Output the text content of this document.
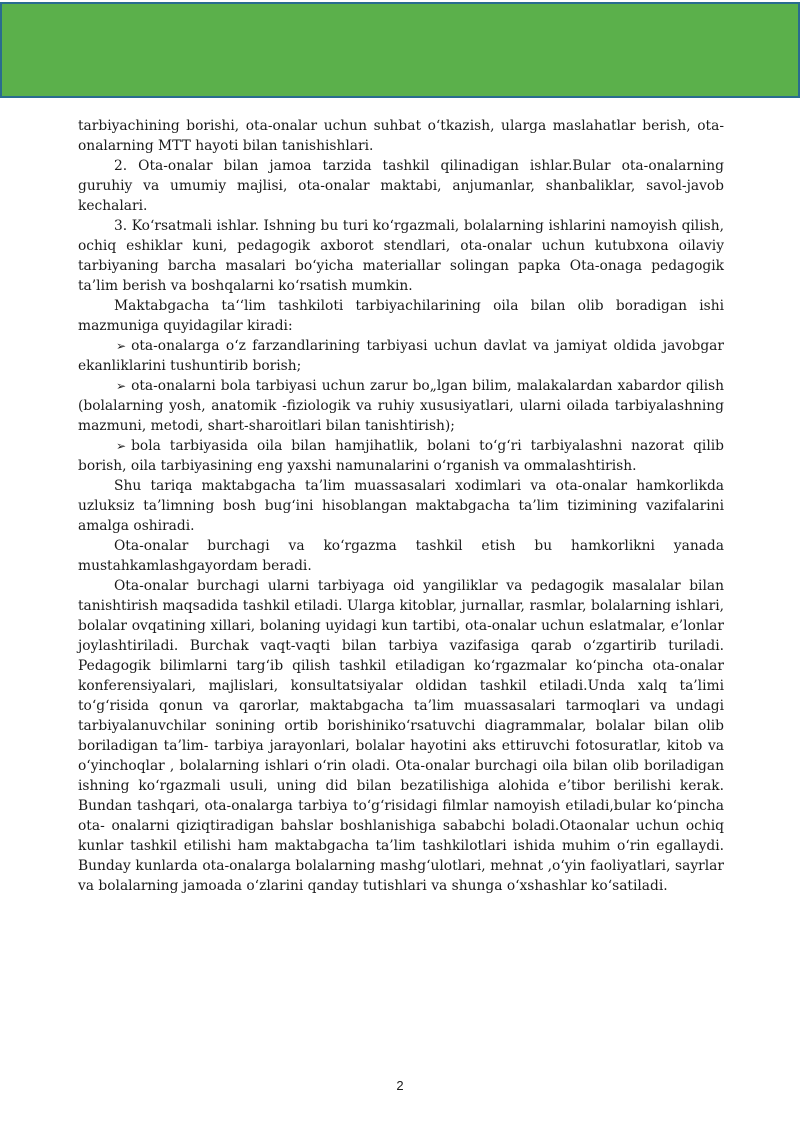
tarbiyachining borishi, ota-onalar uchun suhbat o‘tkazish, ularga maslahatlar berish, ota-onalarning MTT hayoti bilan tanishishlari.

2. Ota-onalar bilan jamoa tarzida tashkil qilinadigan ishlar.Bular ota-onalarning guruhiy va umumiy majlisi, ota-onalar maktabi, anjumanlar, shanbaliklar, savol-javob kechalari.

3. Ko‘rsatmali ishlar. Ishning bu turi ko‘rgazmali, bolalarning ishlarini namoyish qilish, ochiq eshiklar kuni, pedagogik axborot stendlari, ota-onalar uchun kutubxona oilaviy tarbiyaning barcha masalari bo‘yicha materiallar solingan papka Ota-onaga pedagogik ta’lim berish va boshqalarni ko‘rsatish mumkin.

Maktabgacha ta‘‘lim tashkiloti tarbiyachilarining oila bilan olib boradigan ishi mazmuniga quyidagilar kiradi:

➢ ota-onalarga o‘z farzandlarining tarbiyasi uchun davlat va jamiyat oldida javobgar ekanliklarini tushuntirib borish;

➢ ota-onalarni bola tarbiyasi uchun zarur bo„lgan bilim, malakalardan xabardor qilish (bolalarning yosh, anatomik -fiziologik va ruhiy xususiyatlari, ularni oilada tarbiyalashning mazmuni, metodi, shart-sharoitlari bilan tanishtirish);

➢ bola tarbiyasida oila bilan hamjihatlik, bolani to‘g‘ri tarbiyalashni nazorat qilib borish, oila tarbiyasining eng yaxshi namunalarini o‘rganish va ommalashtirish.

Shu tariqa maktabgacha ta’lim muassasalari xodimlari va ota-onalar hamkorlikda uzluksiz ta’limning bosh bug‘ini hisoblangan maktabgacha ta’lim tizimining vazifalarini amalga oshiradi.

Ota-onalar burchagi va ko‘rgazma tashkil etish bu hamkorlikni yanada mustahkamlashgayordam beradi.

Ota-onalar burchagi ularni tarbiyaga oid yangiliklar va pedagogik masalalar bilan tanishtirish maqsadida tashkil etiladi. Ularga kitoblar, jurnallar, rasmlar, bolalarning ishlari, bolalar ovqatining xillari, bolaning uyidagi kun tartibi, ota-onalar uchun eslatmalar, e’lonlar joylashtiriladi. Burchak vaqt-vaqti bilan tarbiya vazifasiga qarab o‘zgartirib turiladi. Pedagogik bilimlarni targ‘ib qilish tashkil etiladigan ko‘rgazmalar ko‘pincha ota-onalar konferensiyalari, majlislari, konsultatsiyalar oldidan tashkil etiladi.Unda xalq ta’limi to‘g‘risida qonun va qarorlar, maktabgacha ta’lim muassasalari tarmoqlari va undagi tarbiyalanuvchilar sonining ortib borishiniko‘rsatuvchi diagrammalar, bolalar bilan olib boriladigan ta’lim- tarbiya jarayonlari, bolalar hayotini aks ettiruvchi fotosuratlar, kitob va o‘yinchoqlar , bolalarning ishlari o‘rin oladi. Ota-onalar burchagi oila bilan olib boriladigan ishning ko‘rgazmali usuli, uning did bilan bezatilishiga alohida e’tibor berilishi kerak. Bundan tashqari, ota-onalarga tarbiya to‘g‘risidagi filmlar namoyish etiladi,bular ko‘pincha ota- onalarni qiziqtiradigan bahslar boshlanishiga sababchi boladi.Otaonalar uchun ochiq kunlar tashkil etilishi ham maktabgacha ta’lim tashkilotlari ishida muhim o‘rin egallaydi. Bunday kunlarda ota-onalarga bolalarning mashg‘ulotlari, mehnat ,o‘yin faoliyatlari, sayrlar va bolalarning jamoada o‘zlarini qanday tutishlari va shunga o‘xshashlar ko‘satiladi.

2
